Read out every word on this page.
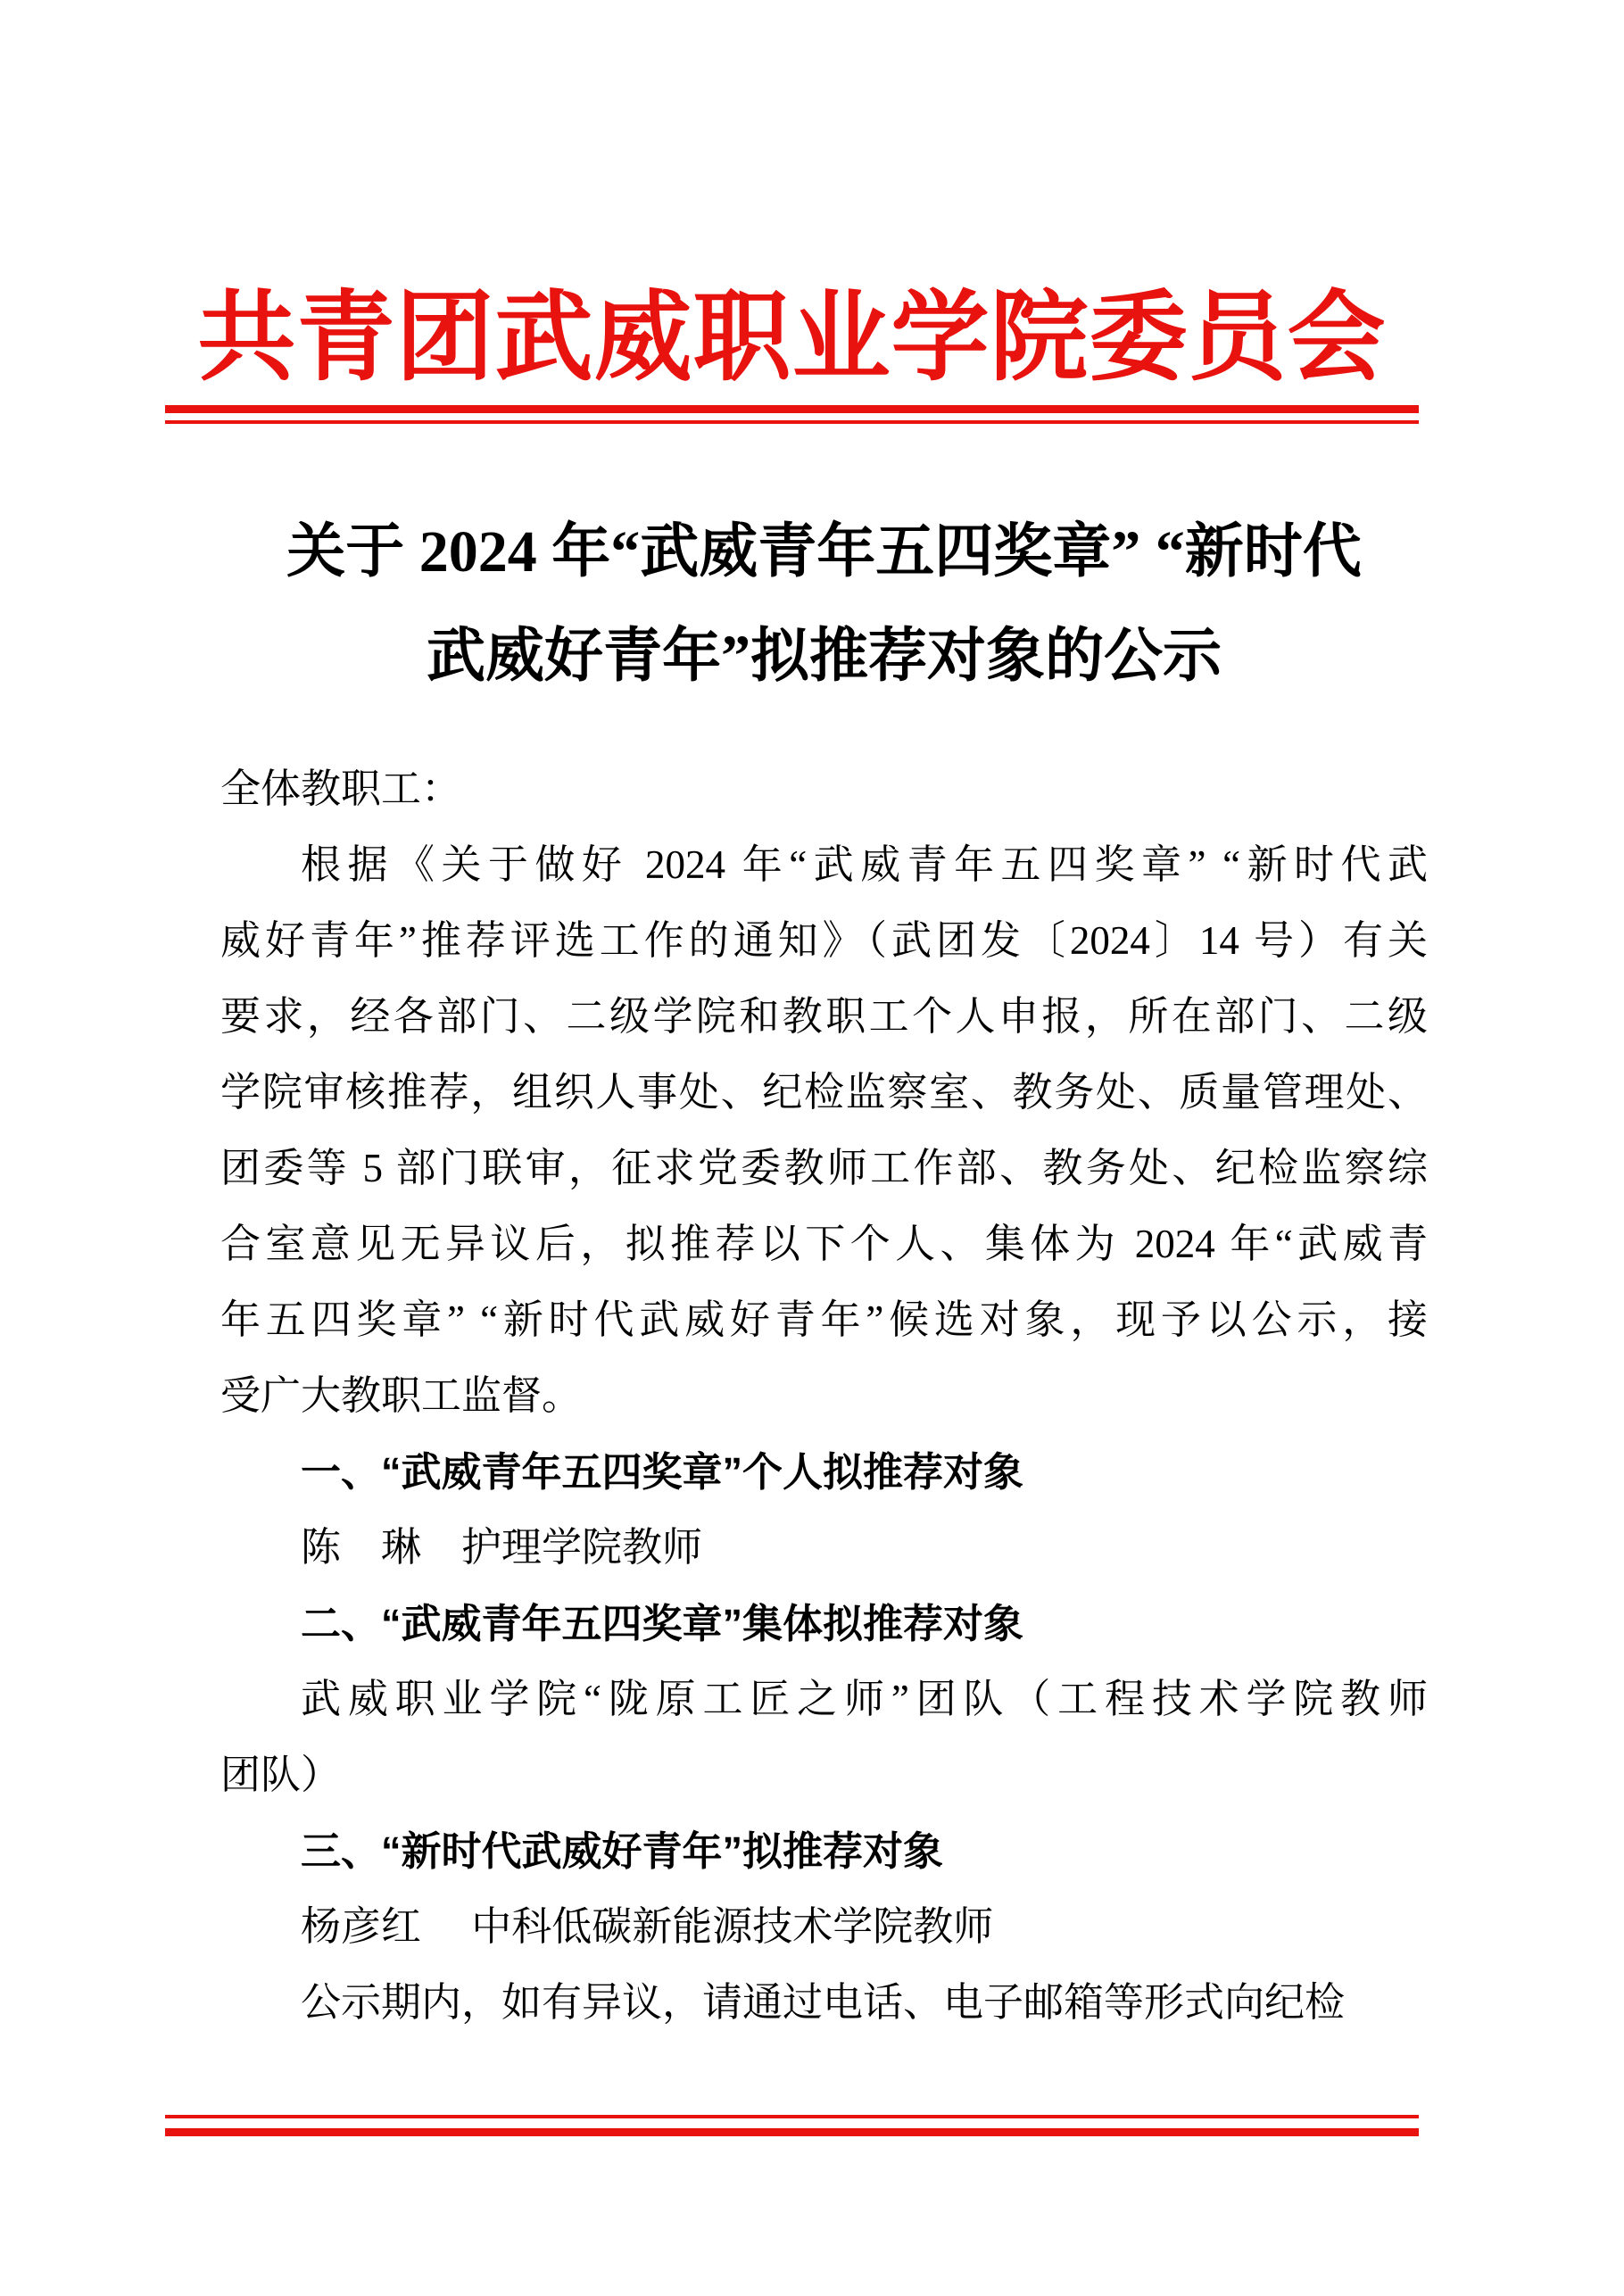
共青团武威职业学院委员会
关于 2024 年“武威青年五四奖章” “新时代
武威好青年”拟推荐对象的公示
全体教职工：
根据《关于做好 2024 年“武威青年五四奖章” “新时代武
威好青年”推荐评选工作的通知》（武团发〔2024〕14 号）有关
要求，经各部门、二级学院和教职工个人申报，所在部门、二级
学院审核推荐，组织人事处、纪检监察室、教务处、质量管理处、
团委等 5 部门联审，征求党委教师工作部、教务处、纪检监察综
合室意见无异议后，拟推荐以下个人、集体为 2024 年“武威青
年五四奖章” “新时代武威好青年”候选对象，现予以公示，接
受广大教职工监督。
一、“武威青年五四奖章”个人拟推荐对象
陈　琳　护理学院教师
二、“武威青年五四奖章”集体拟推荐对象
武威职业学院“陇原工匠之师”团队（工程技术学院教师
团队）
三、“新时代武威好青年”拟推荐对象
杨彦红　 中科低碳新能源技术学院教师
公示期内，如有异议，请通过电话、电子邮箱等形式向纪检
